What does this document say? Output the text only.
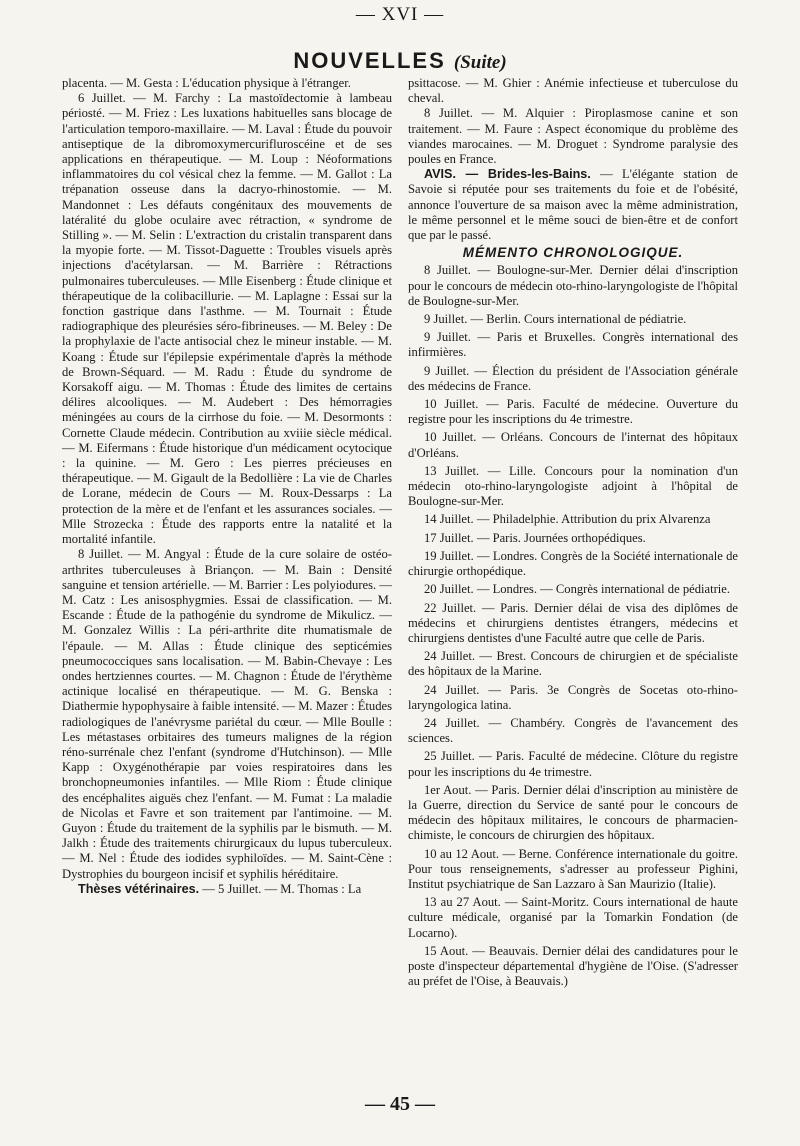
— XVI —
NOUVELLES (Suite)

placenta. — M. Gesta : L'éducation physique à l'étranger.

6 Juillet. — M. Farchy : La mastoïdectomie à lambeau périosté. — M. Friez : Les luxations habituelles sans blocage de l'articulation temporo-maxillaire. — M. Laval : Étude du pouvoir antiseptique de la dibromoxymercurifluroscéine et de ses applications en thérapeutique. — M. Loup : Néoformations inflammatoires du col vésical chez la femme. — M. Gallot : La trépanation osseuse dans la dacryo-rhinostomie. — M. Mandonnet : Les défauts congénitaux des mouvements de latéralité du globe oculaire avec rétraction, « syndrome de Stilling ». — M. Selin : L'extraction du cristalin transparent dans la myopie forte. — M. Tissot-Daguette : Troubles visuels après injections d'acétylarsan. — M. Barrière : Rétractions pulmonaires tuberculeuses. — Mlle Eisenberg : Étude clinique et thérapeutique de la colibacillurie. — M. Laplagne : Essai sur la fonction gastrique dans l'asthme. — M. Tournait : Étude radiographique des pleurésies séro-fibrineuses. — M. Beley : De la prophylaxie de l'acte antisocial chez le mineur instable. — M. Koang : Étude sur l'épilepsie expérimentale d'après la méthode de Brown-Séquard. — M. Radu : Étude du syndrome de Korsakoff aigu. — M. Thomas : Étude des limites de certains délires alcooliques. — M. Audebert : Des hémorragies méningées au cours de la cirrhose du foie. — M. Desormonts : Cornette Claude médecin. Contribution au xviiie siècle médical. — M. Eifermans : Étude historique d'un médicament ocytocique : la quinine. — M. Gero : Les pierres précieuses en thérapeutique. — M. Gigault de la Bedollière : La vie de Charles de Lorane, médecin de Cours — M. Roux-Dessarps : La protection de la mère et de l'enfant et les assurances sociales. — Mlle Strozecka : Étude des rapports entre la natalité et la mortalité infantile.

8 Juillet. — M. Angyal : Étude de la cure solaire de ostéo-arthrites tuberculeuses à Briançon. — M. Bain : Densité sanguine et tension artérielle. — M. Barrier : Les polyiodures. — M. Catz : Les anisosphygmies. Essai de classification. — M. Escande : Étude de la pathogénie du syndrome de Mikulicz. — M. Gonzalez Willis : La péri-arthrite dite rhumatismale de l'épaule. — M. Allas : Étude clinique des septicémies pneumococciques sans localisation. — M. Babin-Chevaye : Les ondes hertziennes courtes. — M. Chagnon : Étude de l'érythème actinique localisé en thérapeutique. — M. G. Benska : Diathermie hypophysaire à faible intensité. — M. Mazer : Études radiologiques de l'anévrysme pariétal du cœur. — Mlle Boulle : Les métastases orbitaires des tumeurs malignes de la région réno-surrénale chez l'enfant (syndrome d'Hutchinson). — Mlle Kapp : Oxygénothérapie par voies respiratoires dans les bronchopneumonies infantiles. — Mlle Riom : Étude clinique des encéphalites aiguës chez l'enfant. — M. Fumat : La maladie de Nicolas et Favre et son traitement par l'antimoine. — M. Guyon : Étude du traitement de la syphilis par le bismuth. — M. Jalkh : Étude des traitements chirurgicaux du lupus tuberculeux. — M. Nel : Étude des iodides syphiloïdes. — M. Saint-Cène : Dystrophies du bourgeon incisif et syphilis héréditaire.

Thèses vétérinaires. — 5 Juillet. — M. Thomas : La

psittacose. — M. Ghier : Anémie infectieuse et tuberculose du cheval.

8 Juillet. — M. Alquier : Piroplasmose canine et son traitement. — M. Faure : Aspect économique du problème des viandes marocaines. — M. Droguet : Syndrome paralysie des poules en France.

AVIS. — Brides-les-Bains. — L'élégante station de Savoie si réputée pour ses traitements du foie et de l'obésité, annonce l'ouverture de sa maison avec la même administration, le même personnel et le même souci de bien-être et de confort que par le passé.

MÉMENTO CHRONOLOGIQUE.

8 Juillet. — Boulogne-sur-Mer. Dernier délai d'inscription pour le concours de médecin oto-rhino-laryngologiste de l'hôpital de Boulogne-sur-Mer.

9 Juillet. — Berlin. Cours international de pédiatrie.

9 Juillet. — Paris et Bruxelles. Congrès international des infirmières.

9 Juillet. — Élection du président de l'Association générale des médecins de France.

10 Juillet. — Paris. Faculté de médecine. Ouverture du registre pour les inscriptions du 4e trimestre.

10 Juillet. — Orléans. Concours de l'internat des hôpitaux d'Orléans.

13 Juillet. — Lille. Concours pour la nomination d'un médecin oto-rhino-laryngologiste adjoint à l'hôpital de Boulogne-sur-Mer.

14 Juillet. — Philadelphie. Attribution du prix Alvarenza

17 Juillet. — Paris. Journées orthopédiques.

19 Juillet. — Londres. Congrès de la Société internationale de chirurgie orthopédique.

20 Juillet. — Londres. — Congrès international de pédiatrie.

22 Juillet. — Paris. Dernier délai de visa des diplômes de médecins et chirurgiens dentistes étrangers, médecins et chirurgiens dentistes d'une Faculté autre que celle de Paris.

24 Juillet. — Brest. Concours de chirurgien et de spécialiste des hôpitaux de la Marine.

24 Juillet. — Paris. 3e Congrès de Socetas oto-rhino-laryngologica latina.

24 Juillet. — Chambéry. Congrès de l'avancement des sciences.

25 Juillet. — Paris. Faculté de médecine. Clôture du registre pour les inscriptions du 4e trimestre.

1er Aout. — Paris. Dernier délai d'inscription au ministère de la Guerre, direction du Service de santé pour le concours de médecin des hôpitaux militaires, le concours de pharmacien-chimiste, le concours de chirurgien des hôpitaux.

10 au 12 Aout. — Berne. Conférence internationale du goitre. Pour tous renseignements, s'adresser au professeur Pighini, Institut psychiatrique de San Lazzaro à San Maurizio (Italie).

13 au 27 Aout. — Saint-Moritz. Cours international de haute culture médicale, organisé par la Tomarkin Fondation (de Locarno).

15 Aout. — Beauvais. Dernier délai des candidatures pour le poste d'inspecteur départemental d'hygiène de l'Oise. (S'adresser au préfet de l'Oise, à Beauvais.)

— 45 —
